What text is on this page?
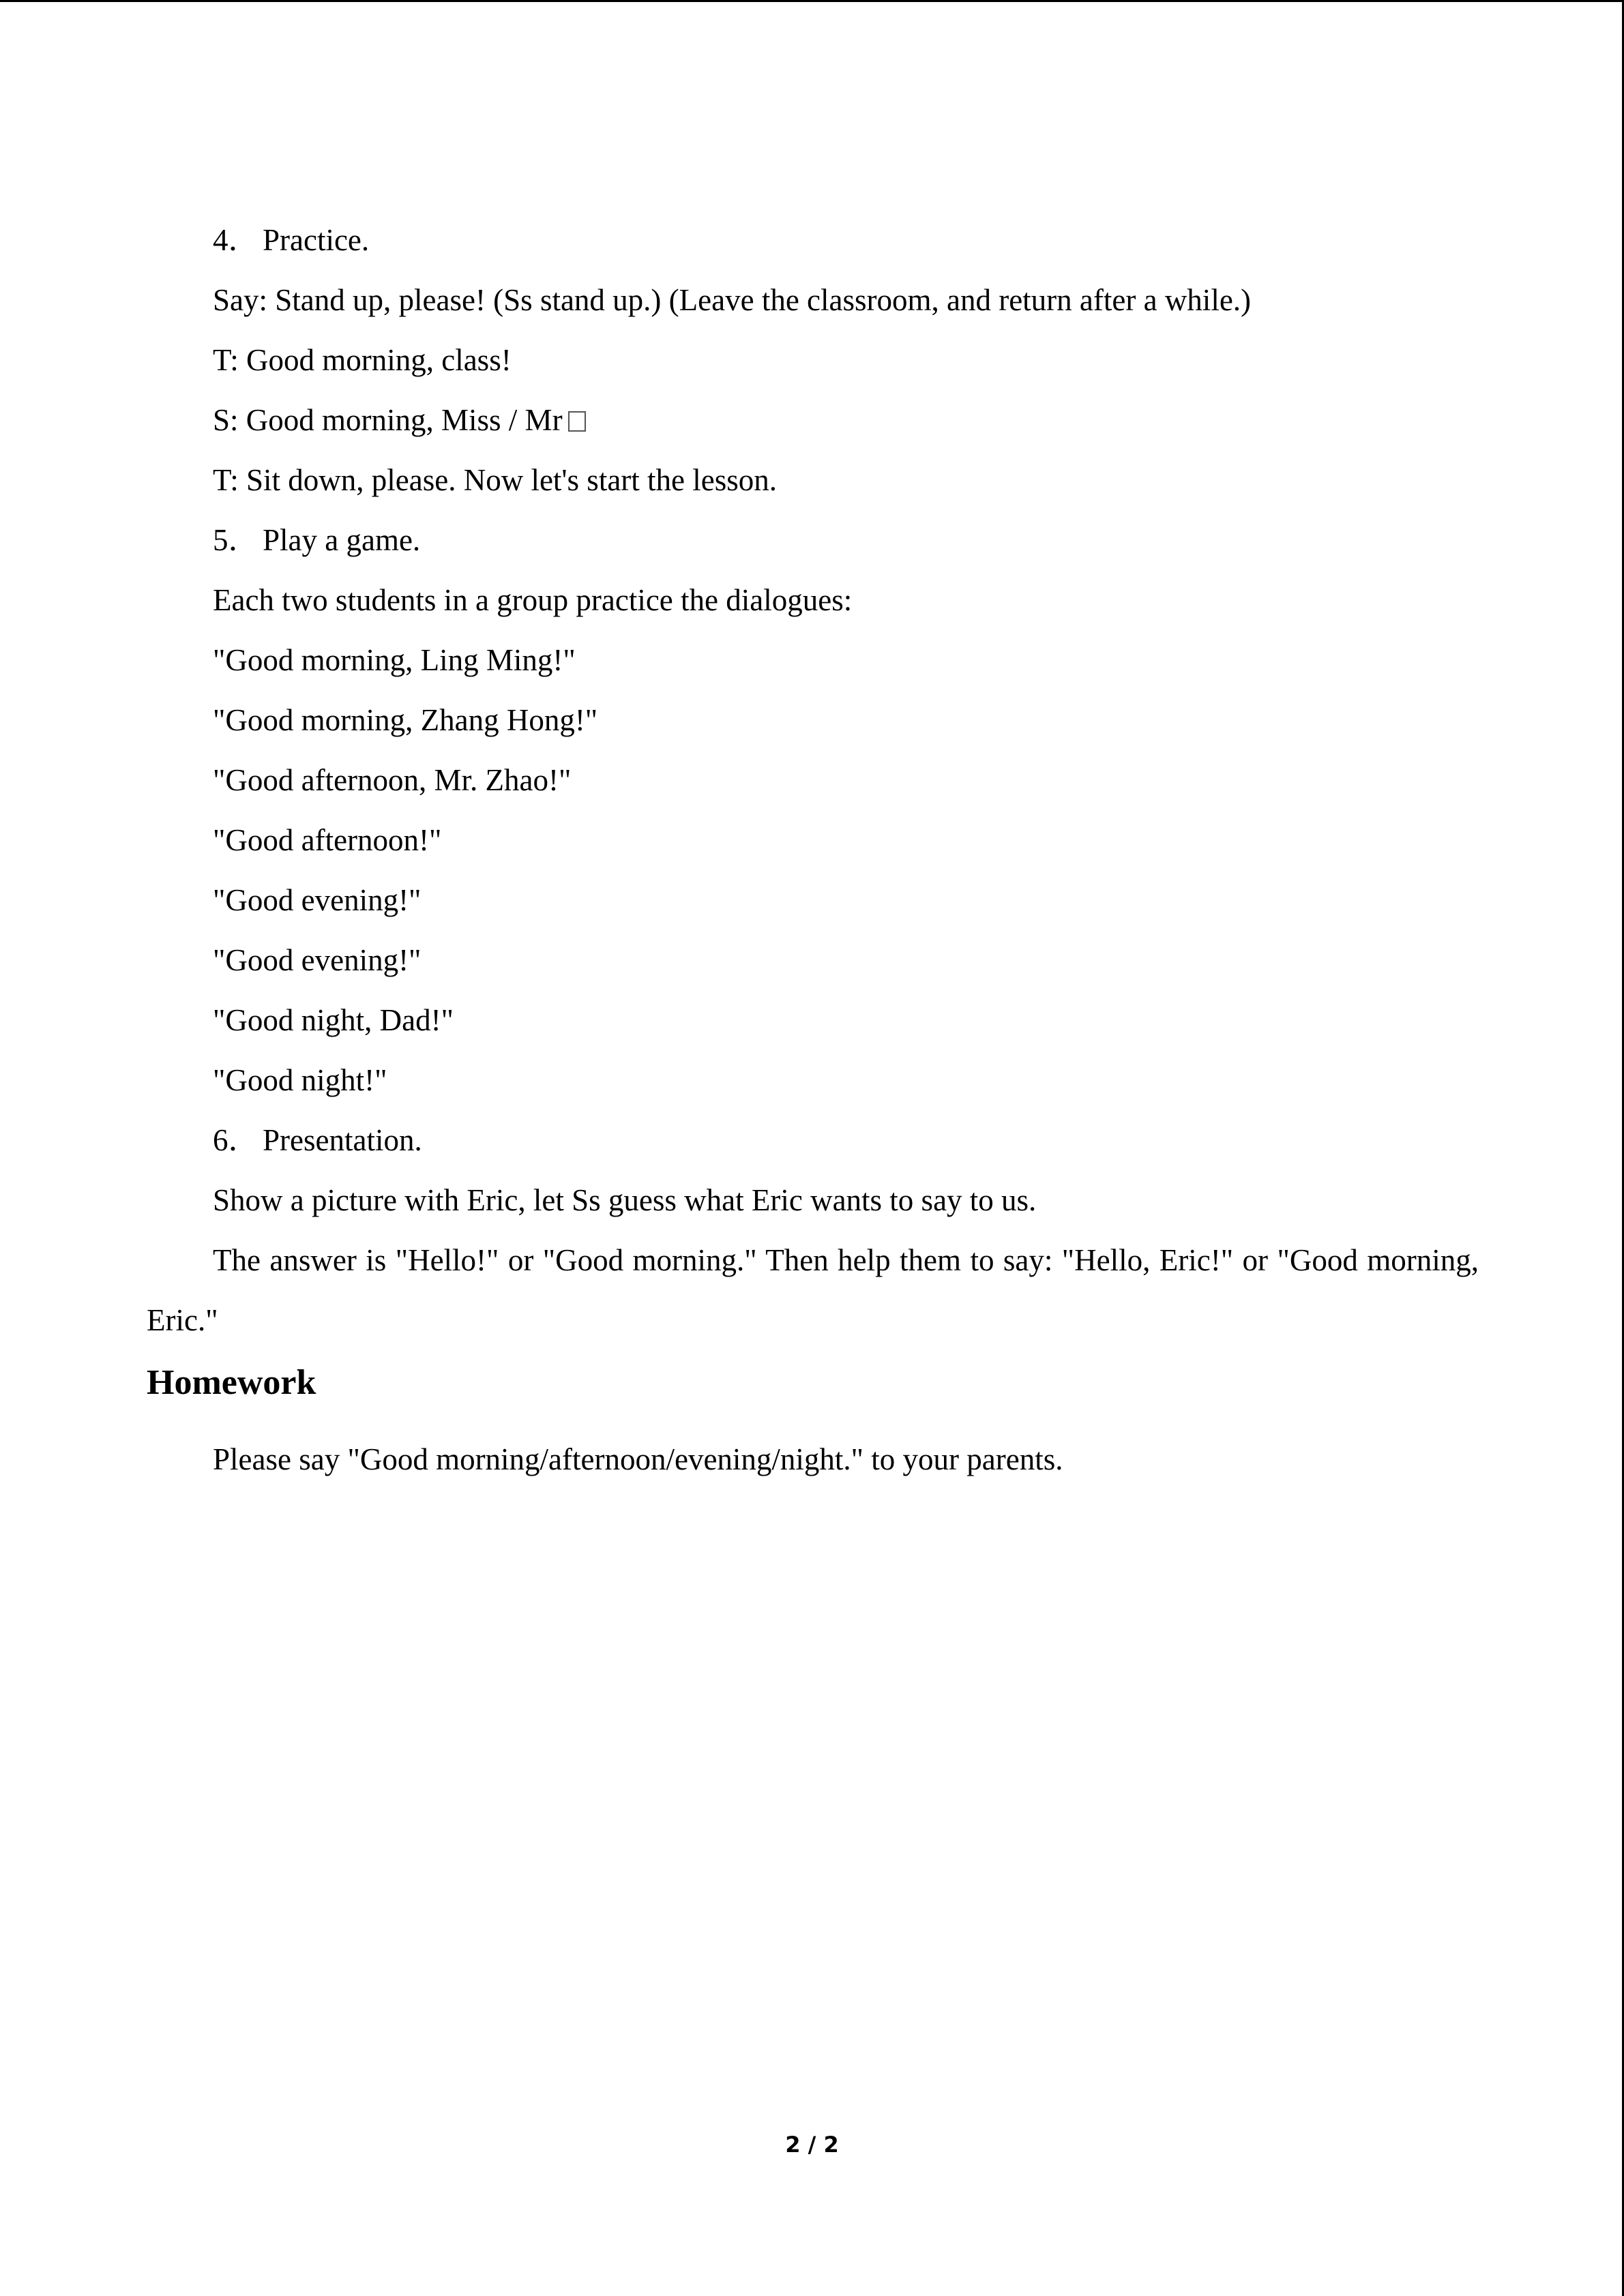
4． Practice.
Say: Stand up, please! (Ss stand up.) (Leave the classroom, and return after a while.)
T: Good morning, class!
S: Good morning, Miss / Mr
T: Sit down, please. Now let's start the lesson.
5． Play a game.
Each two students in a group practice the dialogues:
"Good morning, Ling Ming!"
"Good morning, Zhang Hong!"
"Good afternoon, Mr. Zhao!"
"Good afternoon!"
"Good evening!"
"Good evening!"
"Good night, Dad!"
"Good night!"
6． Presentation.
Show a picture with Eric, let Ss guess what Eric wants to say to us.
The answer is "Hello!" or "Good morning." Then help them to say: "Hello, Eric!" or "Good morning, Eric."
Homework
Please say "Good morning/afternoon/evening/night." to your parents.
2 / 2
